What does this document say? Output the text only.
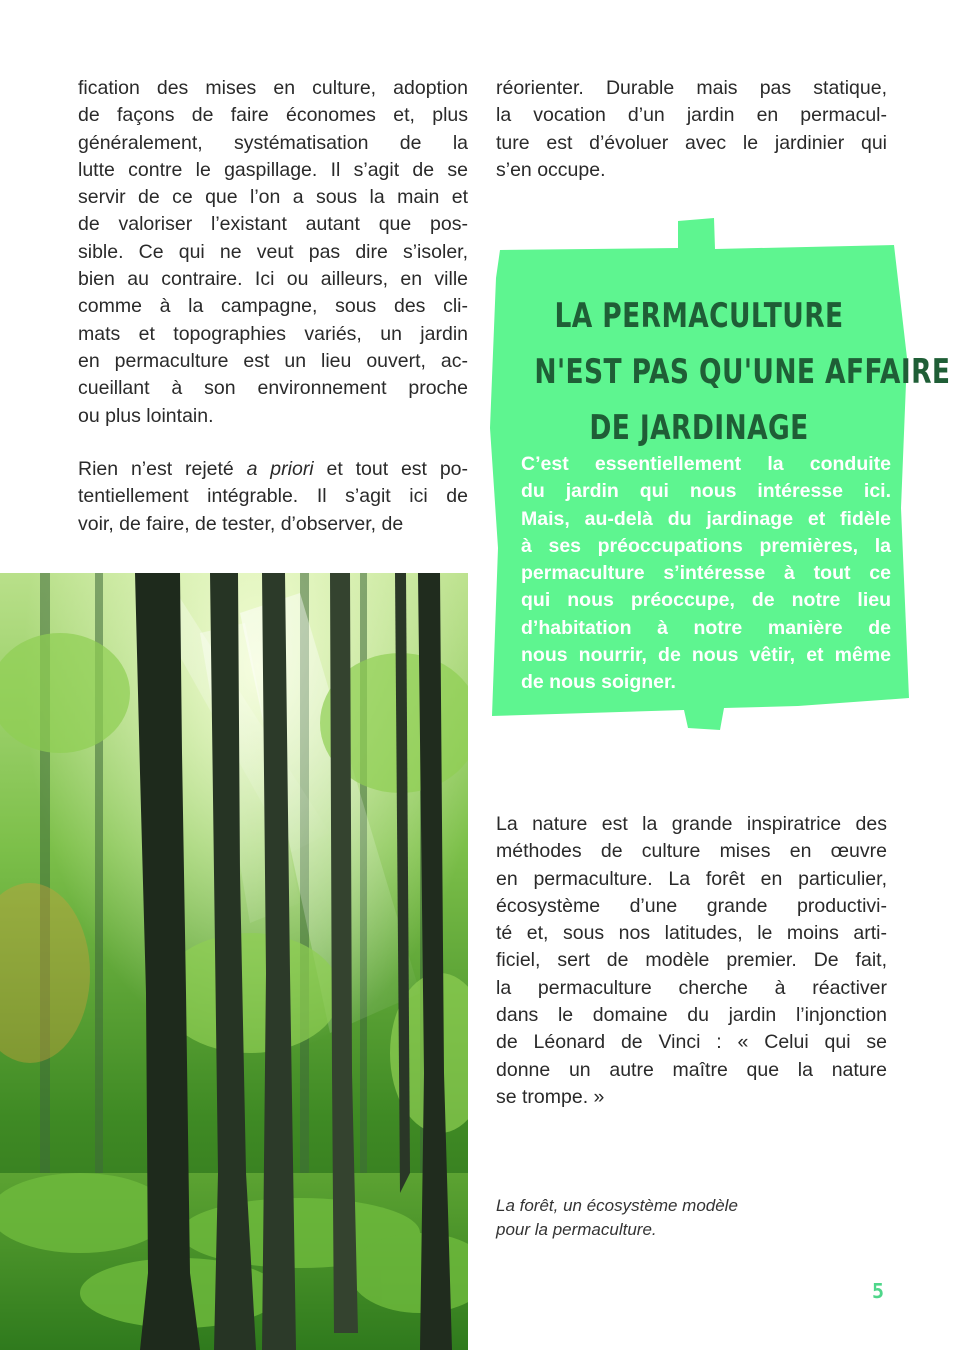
fication des mises en culture, adoption
de façons de faire économes et, plus
généralement, systématisation de la
lutte contre le gaspillage. Il s’agit de se
servir de ce que l’on a sous la main et
de valoriser l’existant autant que pos-
sible. Ce qui ne veut pas dire s’isoler,
bien au contraire. Ici ou ailleurs, en ville
comme à la campagne, sous des cli-
mats et topographies variés, un jardin
en permaculture est un lieu ouvert, ac-
cueillant à son environnement proche
ou plus lointain.
Rien n’est rejeté a priori et tout est po-
tentiellement intégrable. Il s’agit ici de
voir, de faire, de tester, d’observer, de
réorienter. Durable mais pas statique,
la vocation d’un jardin en permacul-
ture est d’évoluer avec le jardinier qui
s’en occupe.
LA PERMACULTURE
N'EST PAS QU'UNE AFFAIRE
DE JARDINAGE
C’est essentiellement la conduite
du jardin qui nous intéresse ici.
Mais, au-delà du jardinage et fidèle
à ses préoccupations premières, la
permaculture s’intéresse à tout ce
qui nous préoccupe, de notre lieu
d’habitation à notre manière de
nous nourrir, de nous vêtir, et même
de nous soigner.
La nature est la grande inspiratrice des
méthodes de culture mises en œuvre
en permaculture. La forêt en particulier,
écosystème d’une grande productivi-
té et, sous nos latitudes, le moins arti-
ficiel, sert de modèle premier. De fait,
la permaculture cherche à réactiver
dans le domaine du jardin l’injonction
de Léonard de Vinci : « Celui qui se
donne un autre maître que la nature
se trompe. »
La forêt, un écosystème modèle
pour la permaculture.
5
